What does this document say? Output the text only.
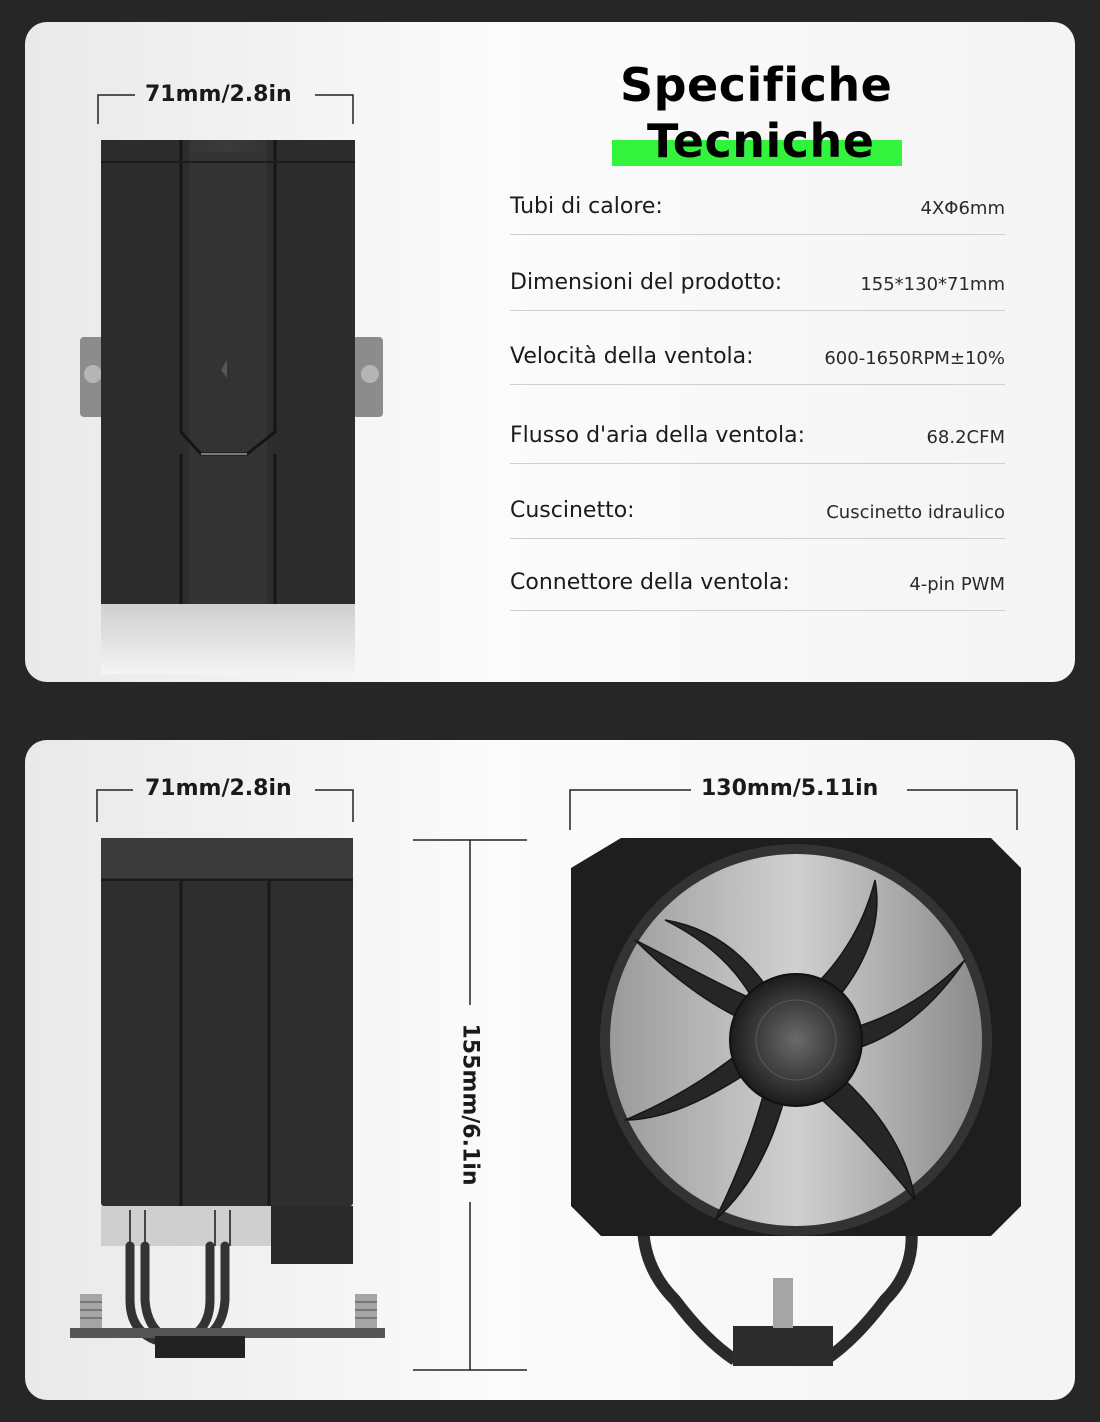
71mm/2.8in	Specifiche
Tecniche
Tubi di calore:	4XΦ6mm
Dimensioni del prodotto:	155*130*71mm
Velocità della ventola:	600-1650RPM±10%
Flusso d'aria della ventola:	68.2CFM
Cuscinetto:	Cuscinetto idraulico
Connettore della ventola:	4-pin PWM
71mm/2.8in	130mm/5.11in
155mm/6.1in
